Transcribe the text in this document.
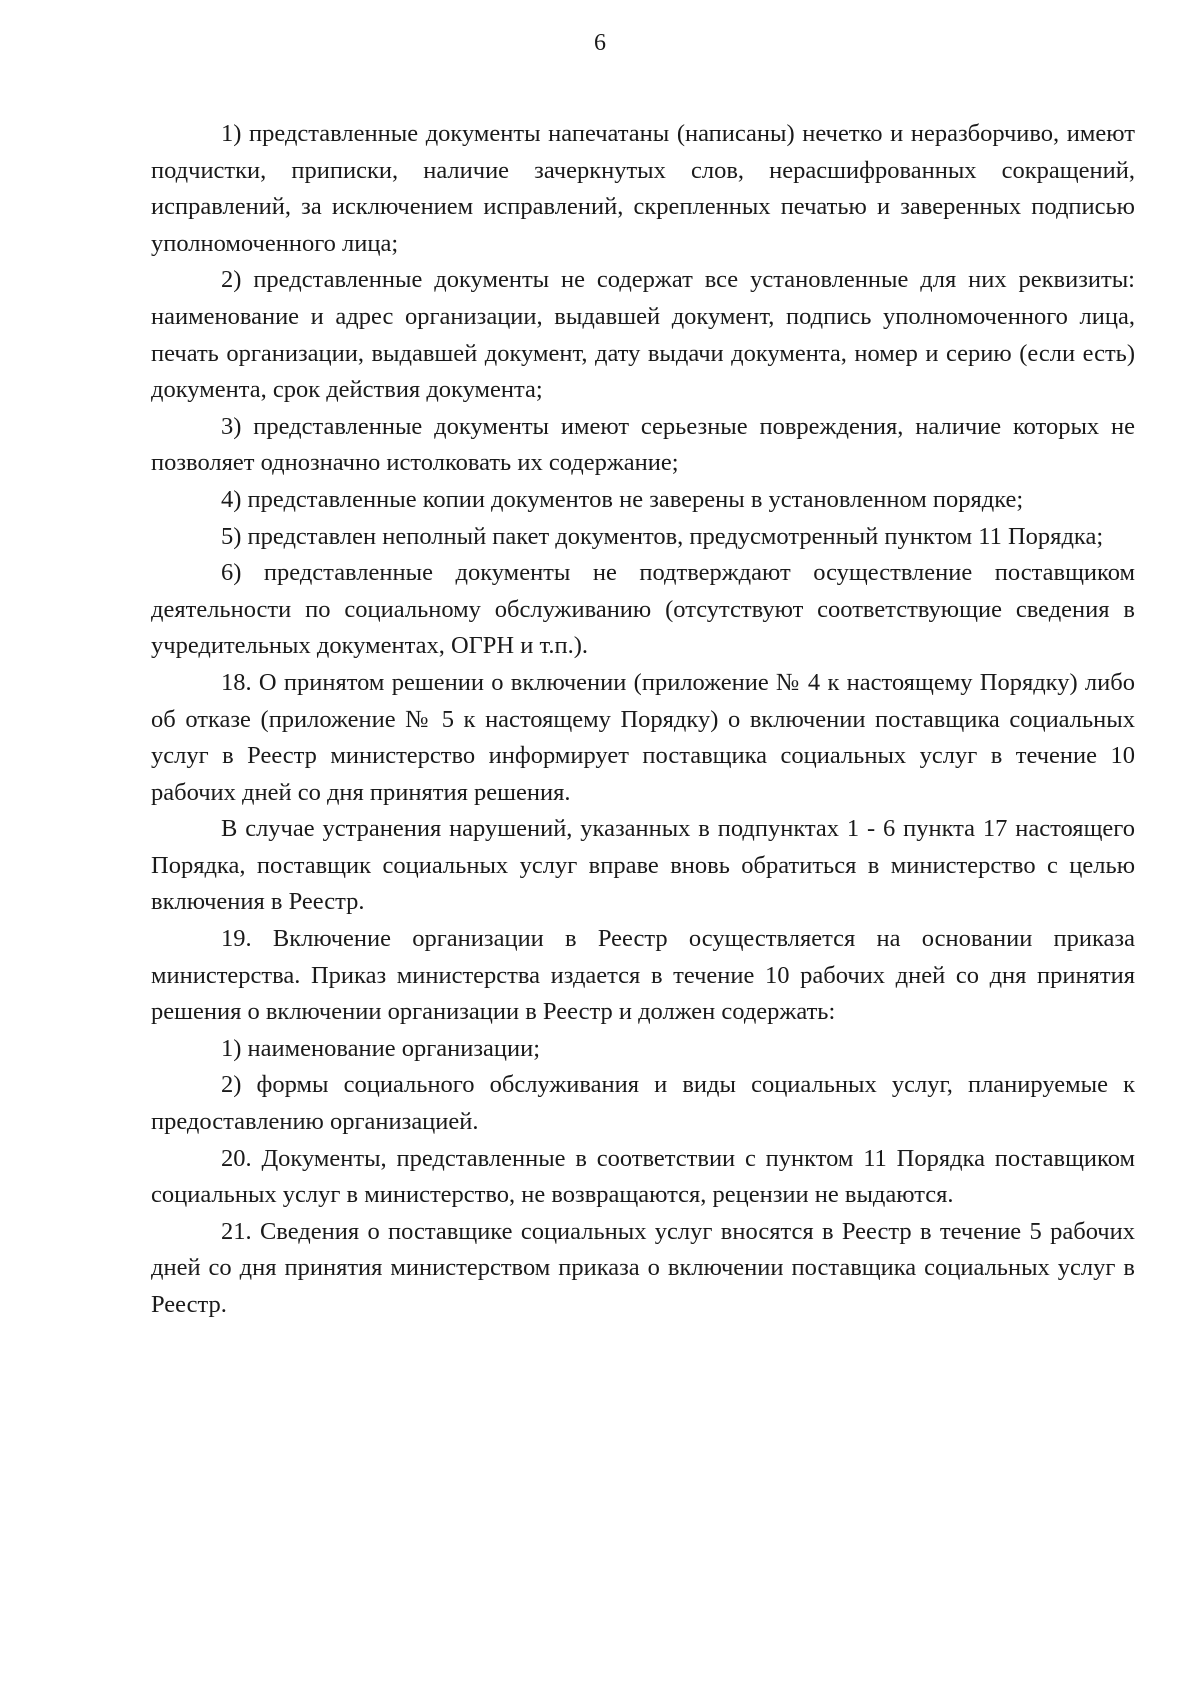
6

1) представленные документы напечатаны (написаны) нечетко и неразборчиво, имеют подчистки, приписки, наличие зачеркнутых слов, нерасшифрованных сокращений, исправлений, за исключением исправлений, скрепленных печатью и заверенных подписью уполномоченного лица;

2) представленные документы не содержат все установленные для них реквизиты: наименование и адрес организации, выдавшей документ, подпись уполномоченного лица, печать организации, выдавшей документ, дату выдачи документа, номер и серию (если есть) документа, срок действия документа;

3) представленные документы имеют серьезные повреждения, наличие которых не позволяет однозначно истолковать их содержание;

4) представленные копии документов не заверены в установленном порядке;

5) представлен неполный пакет документов, предусмотренный пунктом 11 Порядка;

6) представленные документы не подтверждают осуществление поставщиком деятельности по социальному обслуживанию (отсутствуют соответствующие сведения в учредительных документах, ОГРН и т.п.).

18. О принятом решении о включении (приложение № 4 к настоящему Порядку) либо об отказе (приложение № 5 к настоящему Порядку) о включении поставщика социальных услуг в Реестр министерство информирует поставщика социальных услуг в течение 10 рабочих дней со дня принятия решения.

В случае устранения нарушений, указанных в подпунктах 1 - 6 пункта 17 настоящего Порядка, поставщик социальных услуг вправе вновь обратиться в министерство с целью включения в Реестр.

19. Включение организации в Реестр осуществляется на основании приказа министерства. Приказ министерства издается в течение 10 рабочих дней со дня принятия решения о включении организации в Реестр и должен содержать:

1) наименование организации;

2) формы социального обслуживания и виды социальных услуг, планируемые к предоставлению организацией.

20. Документы, представленные в соответствии с пунктом 11 Порядка поставщиком социальных услуг в министерство, не возвращаются, рецензии не выдаются.

21. Сведения о поставщике социальных услуг вносятся в Реестр в течение 5 рабочих дней со дня принятия министерством приказа о включении поставщика социальных услуг в Реестр.
